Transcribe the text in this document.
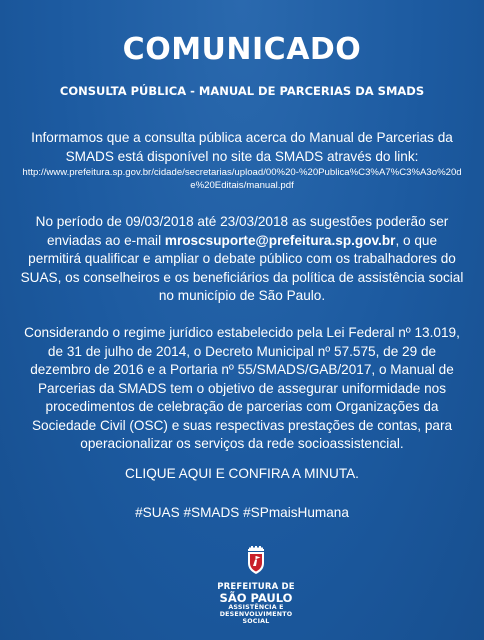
COMUNICADO
CONSULTA PÚBLICA - MANUAL DE PARCERIAS DA SMADS
Informamos que a consulta pública acerca do Manual de Parcerias da SMADS está disponível no site da SMADS através do link:
http://www.prefeitura.sp.gov.br/cidade/secretarias/upload/00%20-%20Publica%C3%A7%C3%A3o%20de%20Editais/manual.pdf
No período de 09/03/2018 até 23/03/2018 as sugestões poderão ser enviadas ao e-mail mroscsuporte@prefeitura.sp.gov.br, o que permitirá qualificar e ampliar o debate público com os trabalhadores do SUAS, os conselheiros e os beneficiários da política de assistência social no município de São Paulo.
Considerando o regime jurídico estabelecido pela Lei Federal nº 13.019, de 31 de julho de 2014, o Decreto Municipal nº 57.575, de 29 de dezembro de 2016 e a Portaria nº 55/SMADS/GAB/2017, o Manual de Parcerias da SMADS tem o objetivo de assegurar uniformidade nos procedimentos de celebração de parcerias com Organizações da Sociedade Civil (OSC) e suas respectivas prestações de contas, para operacionalizar os serviços da rede socioassistencial.
CLIQUE AQUI E CONFIRA A MINUTA.
#SUAS #SMADS #SPmaisHumana
PREFEITURA DE
SÃO PAULO
ASSISTÊNCIA E
DESENVOLVIMENTO
SOCIAL
